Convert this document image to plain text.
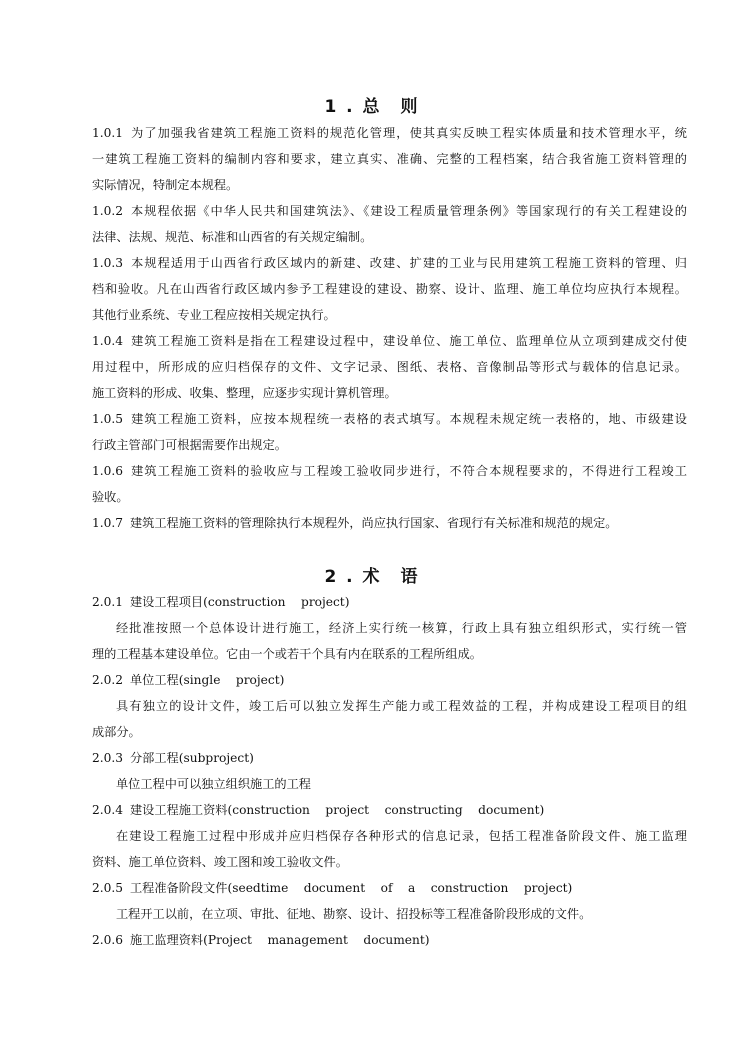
1 . 总　则
1.0.1 为了加强我省建筑工程施工资料的规范化管理，使其真实反映工程实体质量和技术管理水平，统
一建筑工程施工资料的编制内容和要求，建立真实、准确、完整的工程档案，结合我省施工资料管理的
实际情况，特制定本规程。
1.0.2 本规程依据《中华人民共和国建筑法》、《建设工程质量管理条例》等国家现行的有关工程建设的
法律、法规、规范、标准和山西省的有关规定编制。
1.0.3 本规程适用于山西省行政区域内的新建、改建、扩建的工业与民用建筑工程施工资料的管理、归
档和验收。凡在山西省行政区域内参予工程建设的建设、勘察、设计、监理、施工单位均应执行本规程。
其他行业系统、专业工程应按相关规定执行。
1.0.4 建筑工程施工资料是指在工程建设过程中，建设单位、施工单位、监理单位从立项到建成交付使
用过程中，所形成的应归档保存的文件、文字记录、图纸、表格、音像制品等形式与载体的信息记录。
施工资料的形成、收集、整理，应逐步实现计算机管理。
1.0.5 建筑工程施工资料，应按本规程统一表格的表式填写。本规程未规定统一表格的，地、市级建设
行政主管部门可根据需要作出规定。
1.0.6 建筑工程施工资料的验收应与工程竣工验收同步进行，不符合本规程要求的，不得进行工程竣工
验收。
1.0.7 建筑工程施工资料的管理除执行本规程外，尚应执行国家、省现行有关标准和规范的规定。
2 . 术　语
2.0.1 建设工程项目(construction    project)
经批准按照一个总体设计进行施工，经济上实行统一核算，行政上具有独立组织形式，实行统一管
理的工程基本建设单位。它由一个或若干个具有内在联系的工程所组成。
2.0.2 单位工程(single    project)
具有独立的设计文件，竣工后可以独立发挥生产能力或工程效益的工程，并构成建设工程项目的组
成部分。
2.0.3 分部工程(subproject)
单位工程中可以独立组织施工的工程
2.0.4 建设工程施工资料(construction    project    constructing    document)
在建设工程施工过程中形成并应归档保存各种形式的信息记录，包括工程准备阶段文件、施工监理
资料、施工单位资料、竣工图和竣工验收文件。
2.0.5 工程准备阶段文件(seedtime    document    of    a    construction    project)
工程开工以前，在立项、审批、征地、勘察、设计、招投标等工程准备阶段形成的文件。
2.0.6 施工监理资料(Project    management    document)
